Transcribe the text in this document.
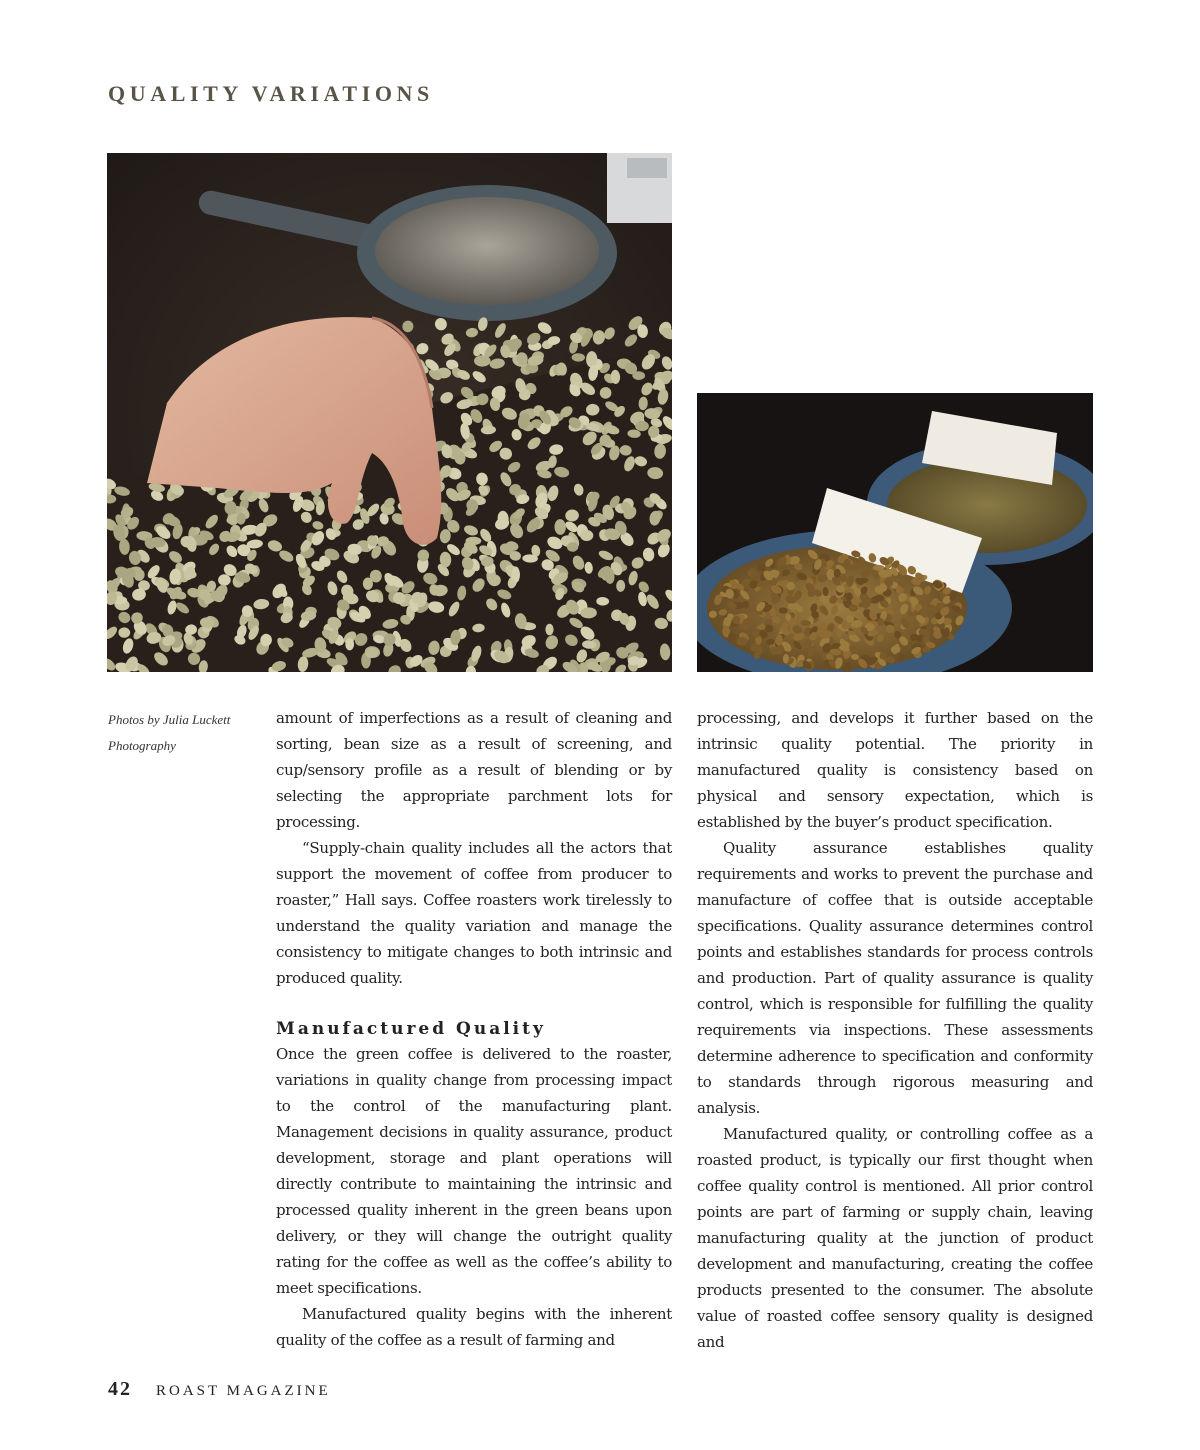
QUALITY VARIATIONS
Photos by Julia Luckett
Photography

amount of imperfections as a result of cleaning and sorting, bean size as a result of screening, and cup/sensory profile as a result of blending or by selecting the appropriate parchment lots for processing.

“Supply-chain quality includes all the actors that support the movement of coffee from producer to roaster,” Hall says. Coffee roasters work tirelessly to understand the quality variation and manage the consistency to mitigate changes to both intrinsic and produced quality.

Manufactured Quality

Once the green coffee is delivered to the roaster, variations in quality change from processing impact to the control of the manufacturing plant. Management decisions in quality assurance, product development, storage and plant operations will directly contribute to maintaining the intrinsic and processed quality inherent in the green beans upon delivery, or they will change the outright quality rating for the coffee as well as the coffee’s ability to meet specifications.

Manufactured quality begins with the inherent quality of the coffee as a result of farming and

processing, and develops it further based on the intrinsic quality potential. The priority in manufactured quality is consistency based on physical and sensory expectation, which is established by the buyer’s product specification.

Quality assurance establishes quality requirements and works to prevent the purchase and manufacture of coffee that is outside acceptable specifications. Quality assurance determines control points and establishes standards for process controls and production. Part of quality assurance is quality control, which is responsible for fulfilling the quality requirements via inspections. These assessments determine adherence to specification and conformity to standards through rigorous measuring and analysis.

Manufactured quality, or controlling coffee as a roasted product, is typically our first thought when coffee quality control is mentioned. All prior control points are part of farming or supply chain, leaving manufacturing quality at the junction of product development and manufacturing, creating the coffee products presented to the consumer. The absolute value of roasted coffee sensory quality is designed and

42 ROAST MAGAZINE
